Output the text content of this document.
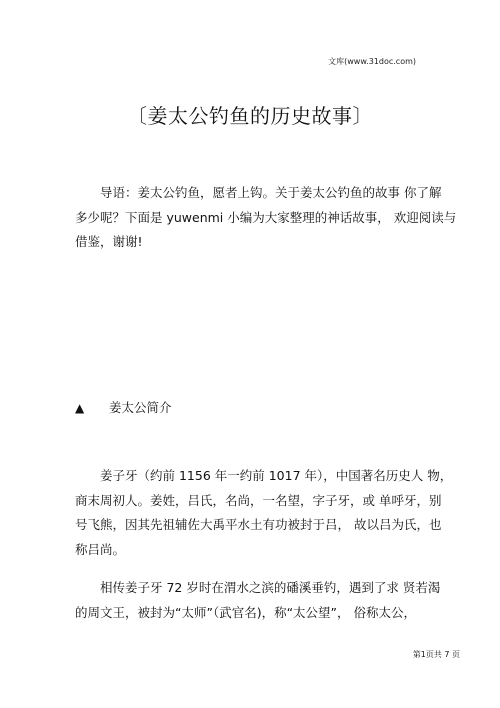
文库(www.31doc.com)
〔姜太公钓鱼的历史故事〕
导语：姜太公钓鱼，愿者上钩。关于姜太公钓鱼的故事 你了解
多少呢？下面是 yuwenmi 小编为大家整理的神话故事， 欢迎阅读与
借鉴，谢谢!
▲ 姜太公简介
姜子牙（约前 1156 年一约前 1017 年），中国著名历史人 物，
商末周初人。姜姓，吕氏，名尚，一名望，字子牙，或 单呼牙，别
号飞熊，因其先祖辅佐大禹平水土有功被封于吕， 故以吕为氏，也
称吕尚。
相传姜子牙 72 岁时在渭水之滨的磻溪垂钓，遇到了求 贤若渴
的周文王，被封为“太师”（武官名)，称“太公望”， 俗称太公，
第1页共 7 页
